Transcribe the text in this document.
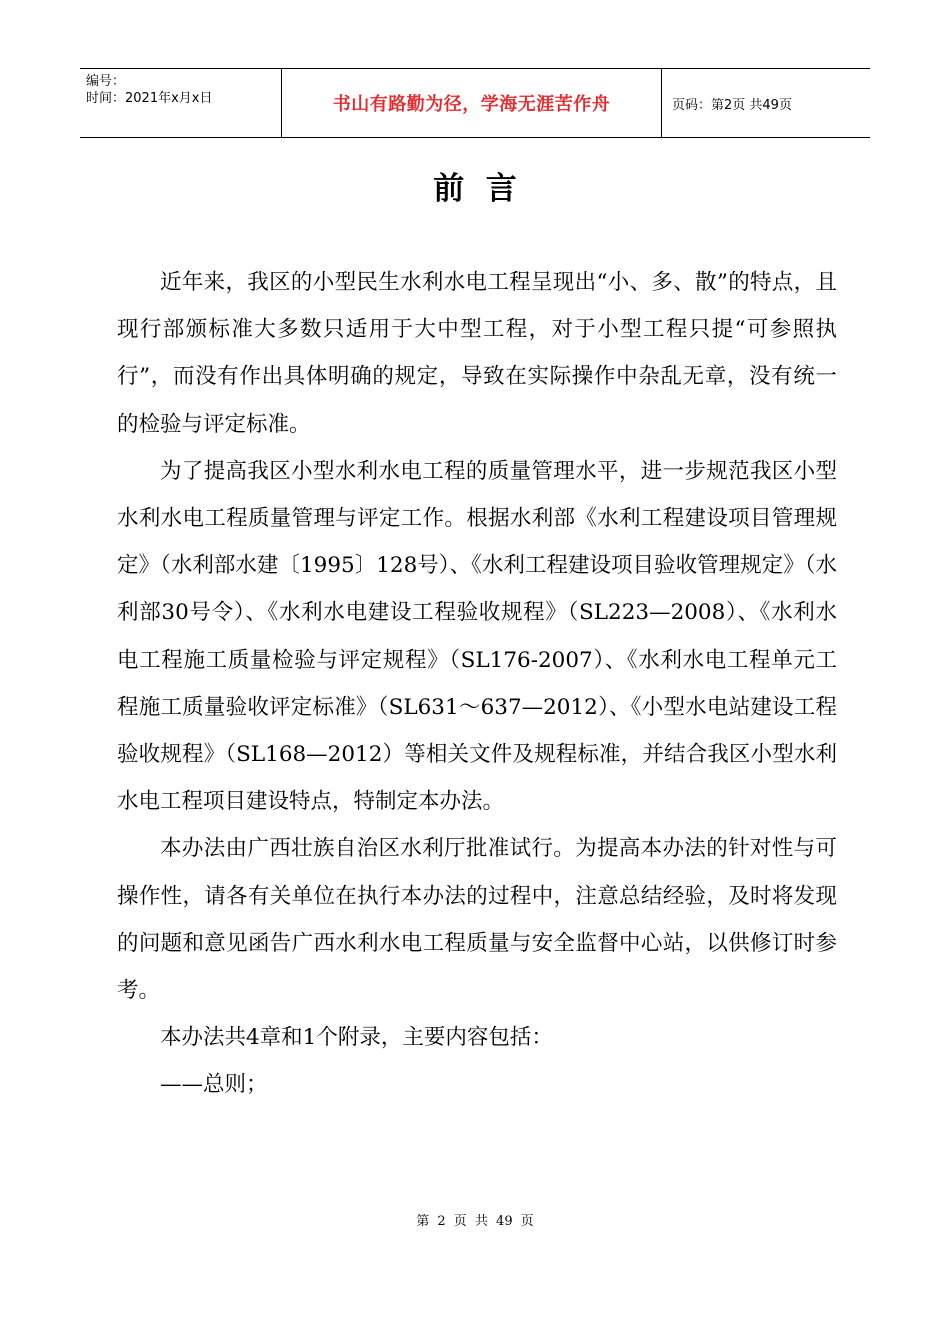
编号：
时间：2021年x月x日	书山有路勤为径，学海无涯苦作舟	页码：第2页 共49页
前  言

近年来，我区的小型民生水利水电工程呈现出“小、多、散”的特点，且现行部颁标准大多数只适用于大中型工程，对于小型工程只提“可参照执行”，而没有作出具体明确的规定，导致在实际操作中杂乱无章，没有统一的检验与评定标准。

为了提高我区小型水利水电工程的质量管理水平，进一步规范我区小型水利水电工程质量管理与评定工作。根据水利部《水利工程建设项目管理规定》（水利部水建〔1995〕128号）、《水利工程建设项目验收管理规定》（水利部30号令）、《水利水电建设工程验收规程》（SL223—2008）、《水利水电工程施工质量检验与评定规程》（SL176-2007）、《水利水电工程单元工程施工质量验收评定标准》（SL631～637—2012）、《小型水电站建设工程验收规程》（SL168—2012）等相关文件及规程标准，并结合我区小型水利水电工程项目建设特点，特制定本办法。

本办法由广西壮族自治区水利厅批准试行。为提高本办法的针对性与可操作性，请各有关单位在执行本办法的过程中，注意总结经验，及时将发现的问题和意见函告广西水利水电工程质量与安全监督中心站，以供修订时参考。

本办法共4章和1个附录，主要内容包括：

——总则；

第 2 页 共 49 页
